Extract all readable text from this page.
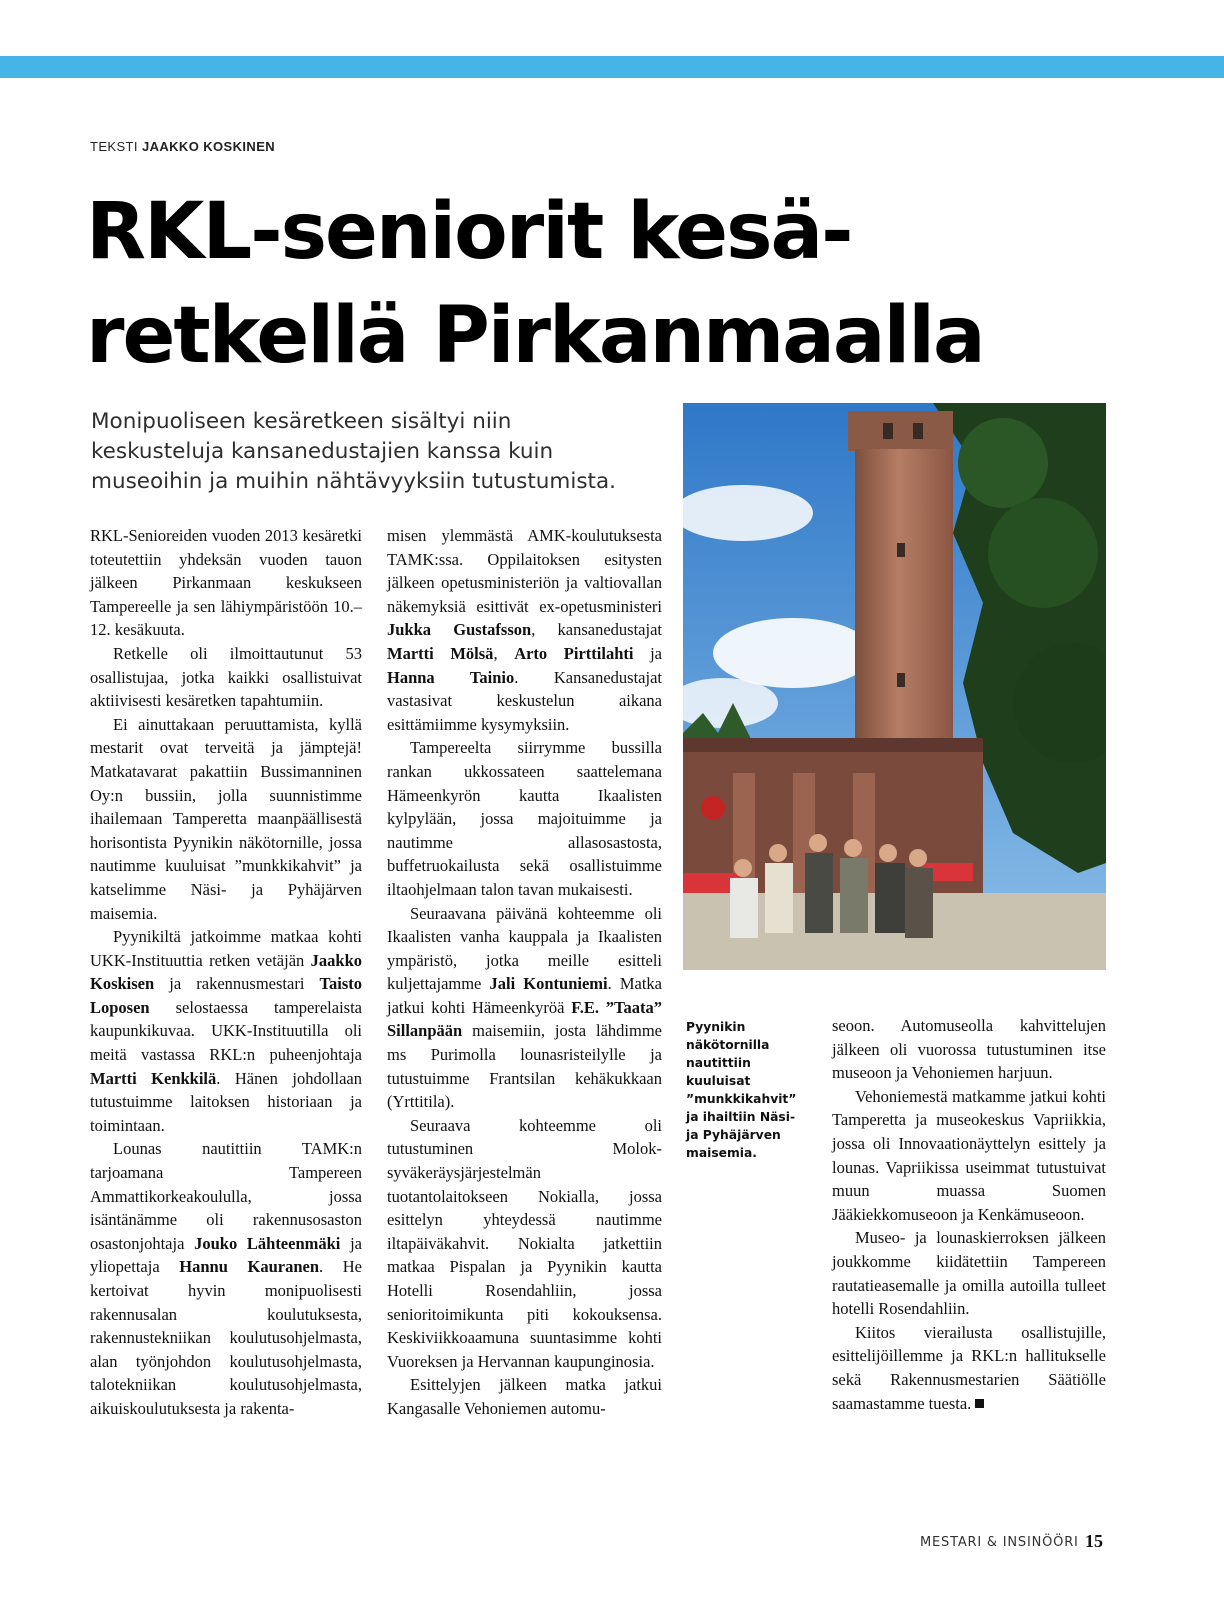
TEKSTI JAAKKO KOSKINEN
RKL-seniorit kesä-
retkellä Pirkanmaalla
Monipuoliseen kesäretkeen sisältyi niin keskusteluja kansanedustajien kanssa kuin museoihin ja muihin nähtävyyksiin tutustumista.

RKL-Senioreiden vuoden 2013 kesäretki toteutettiin yhdeksän vuoden tauon jälkeen Pirkanmaan keskukseen Tampereelle ja sen lähiympäristöön 10.–12. kesäkuuta.

Retkelle oli ilmoittautunut 53 osallistujaa, jotka kaikki osallistuivat aktiivisesti kesäretken tapahtumiin.

Ei ainuttakaan peruuttamista, kyllä mestarit ovat terveitä ja jämptejä! Matkatavarat pakattiin Bussimanninen Oy:n bussiin, jolla suunnistimme ihailemaan Tamperetta maanpäällisestä horisontista Pyynikin näkötornille, jossa nautimme kuuluisat ”munkkikahvit” ja katselimme Näsi- ja Pyhäjärven maisemia.

Pyynikiltä jatkoimme matkaa kohti UKK-Instituuttia retken vetäjän Jaakko Koskisen ja rakennusmestari Taisto Loposen selostaessa tamperelaista kaupunkikuvaa. UKK-Instituutilla oli meitä vastassa RKL:n puheenjohtaja Martti Kenkkilä. Hänen johdollaan tutustuimme laitoksen historiaan ja toimintaan.

Lounas nautittiin TAMK:n tarjoamana Tampereen Ammattikorkeakoululla, jossa isäntänämme oli rakennusosaston osastonjohtaja Jouko Lähteenmäki ja yliopettaja Hannu Kauranen. He kertoivat hyvin monipuolisesti rakennusalan koulutuksesta, rakennustekniikan koulutusohjelmasta, alan työnjohdon koulutusohjelmasta, talotekniikan koulutusohjelmasta, aikuiskoulutuksesta ja rakenta-

misen ylemmästä AMK-koulutuksesta TAMK:ssa. Oppilaitoksen esitysten jälkeen opetusministeriön ja valtiovallan näkemyksiä esittivät ex-opetusministeri Jukka Gustafsson, kansanedustajat Martti Mölsä, Arto Pirttilahti ja Hanna Tainio. Kansanedustajat vastasivat keskustelun aikana esittämiimme kysymyksiin.

Tampereelta siirrymme bussilla rankan ukkossateen saattelemana Hämeenkyrön kautta Ikaalisten kylpylään, jossa majoituimme ja nautimme allasosastosta, buffetruokailusta sekä osallistuimme iltaohjelmaan talon tavan mukaisesti.

Seuraavana päivänä kohteemme oli Ikaalisten vanha kauppala ja Ikaalisten ympäristö, jotka meille esitteli kuljettajamme Jali Kontuniemi. Matka jatkui kohti Hämeenkyröä F.E. ”Taata” Sillanpään maisemiin, josta lähdimme ms Purimolla lounasristeilylle ja tutustuimme Frantsilan kehäkukkaan (Yrttitila).

Seuraava kohteemme oli tutustuminen Molok-syväkeräysjärjestelmän tuotantolaitokseen Nokialla, jossa esittelyn yhteydessä nautimme iltapäiväkahvit. Nokialta jatkettiin matkaa Pispalan ja Pyynikin kautta Hotelli Rosendahliin, jossa senioritoimikunta piti kokouksensa. Keskiviikkoaamuna suuntasimme kohti Vuoreksen ja Hervannan kaupunginosia.

Esittelyjen jälkeen matka jatkui Kangasalle Vehoniemen automu-

Pyynikin näkötornilla nautittiin kuuluisat ”munkkikahvit” ja ihailtiin Näsi- ja Pyhäjärven maisemia.

seoon. Automuseolla kahvittelujen jälkeen oli vuorossa tutustuminen itse museoon ja Vehoniemen harjuun.

Vehoniemestä matkamme jatkui kohti Tamperetta ja museokeskus Vapriikkia, jossa oli Innovaationäyttelyn esittely ja lounas. Vapriikissa useimmat tutustuivat muun muassa Suomen Jääkiekkomuseoon ja Kenkämuseoon.

Museo- ja lounaskierroksen jälkeen joukkomme kiidätettiin Tampereen rautatieasemalle ja omilla autoilla tulleet hotelli Rosendahliin.

Kiitos vierailusta osallistujille, esittelijöillemme ja RKL:n hallitukselle sekä Rakennusmestarien Säätiölle saamastamme tuesta.

MESTARI & INSINÖÖRI 15
